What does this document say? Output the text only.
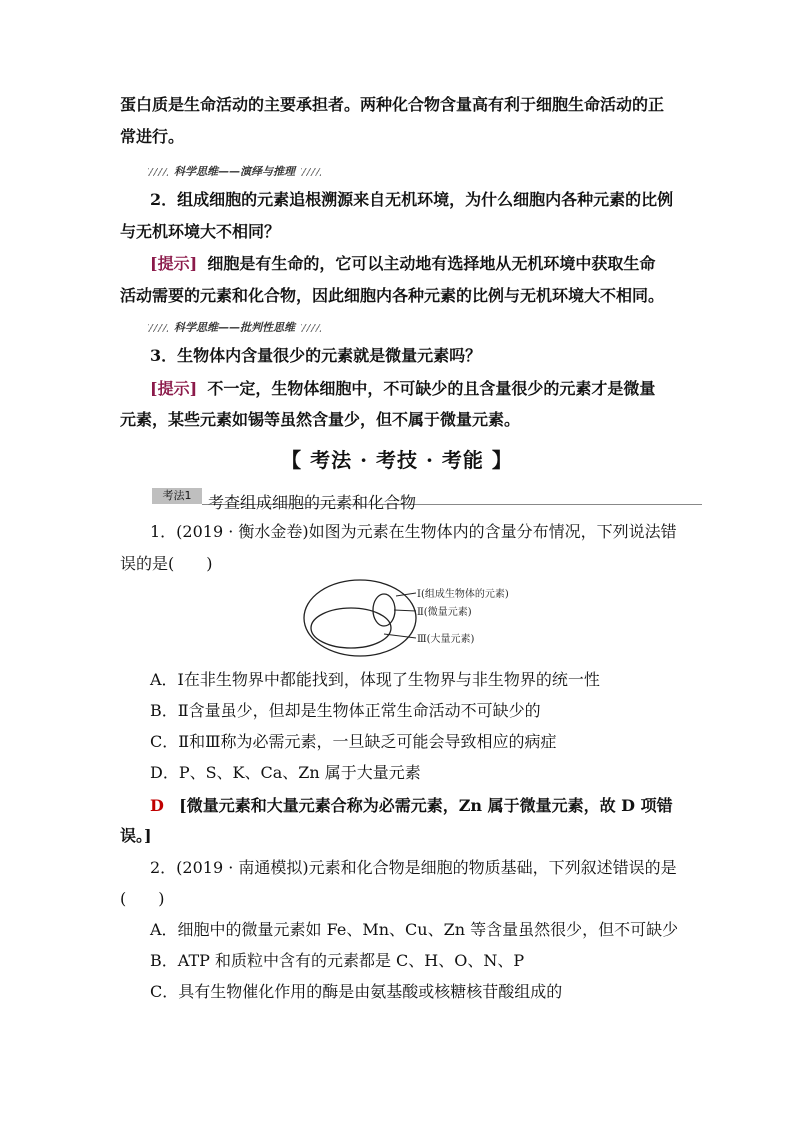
蛋白质是生命活动的主要承担者。两种化合物含量高有利于细胞生命活动的正
常进行。
科学思维——演绎与推理
2．组成细胞的元素追根溯源来自无机环境，为什么细胞内各种元素的比例
与无机环境大不相同？
[提示] 细胞是有生命的，它可以主动地有选择地从无机环境中获取生命
活动需要的元素和化合物，因此细胞内各种元素的比例与无机环境大不相同。
科学思维——批判性思维
3．生物体内含量很少的元素就是微量元素吗？
[提示] 不一定，生物体细胞中，不可缺少的且含量很少的元素才是微量
元素，某些元素如锡等虽然含量少，但不属于微量元素。
【 考法 · 考技 · 考能 】
考法1	考查组成细胞的元素和化合物
1．(2019 · 衡水金卷)如图为元素在生物体内的含量分布情况，下列说法错
误的是(　　)
Ⅰ(组成生物体的元素)
Ⅱ(微量元素)
Ⅲ(大量元素)
A．Ⅰ在非生物界中都能找到，体现了生物界与非生物界的统一性
B．Ⅱ含量虽少，但却是生物体正常生命活动不可缺少的
C．Ⅱ和Ⅲ称为必需元素，一旦缺乏可能会导致相应的病症
D．P、S、K、Ca、Zn 属于大量元素
D [微量元素和大量元素合称为必需元素，Zn 属于微量元素，故 D 项错
误。]
2．(2019 · 南通模拟)元素和化合物是细胞的物质基础，下列叙述错误的是
(　　)
A．细胞中的微量元素如 Fe、Mn、Cu、Zn 等含量虽然很少，但不可缺少
B．ATP 和质粒中含有的元素都是 C、H、O、N、P
C．具有生物催化作用的酶是由氨基酸或核糖核苷酸组成的
